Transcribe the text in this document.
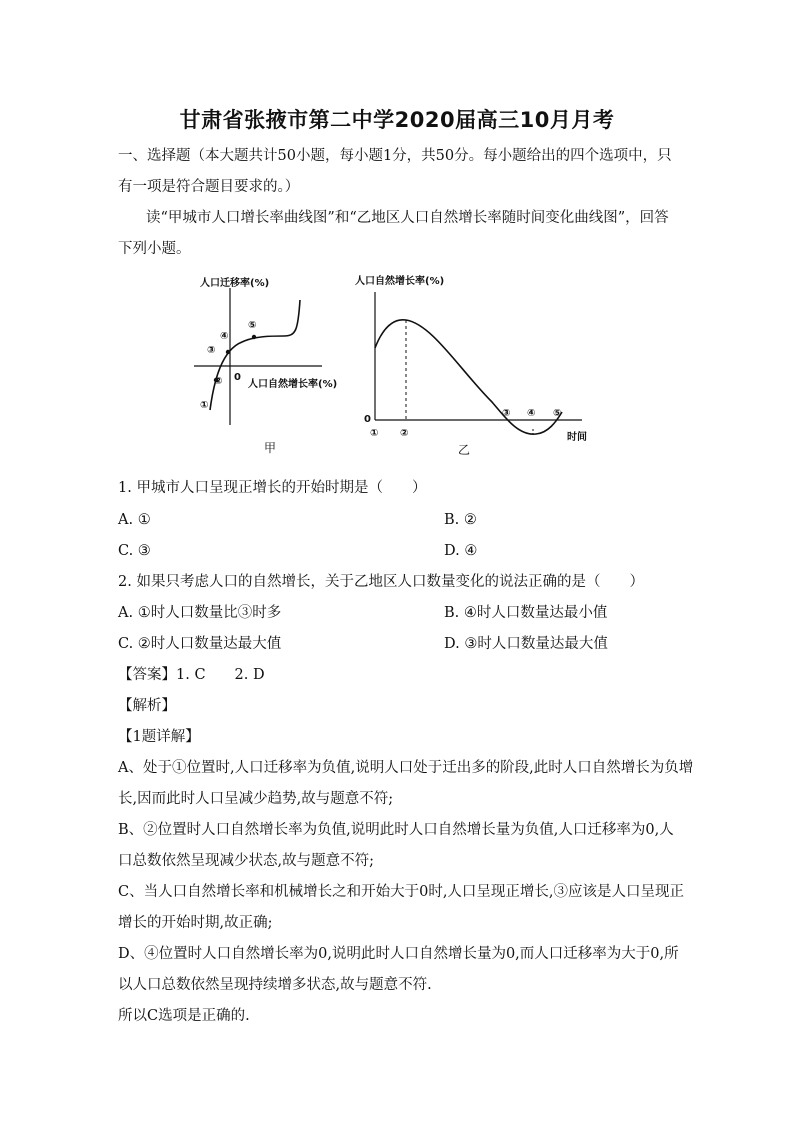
甘肃省张掖市第二中学2020届高三10月月考
一、选择题（本大题共计50小题，每小题1分，共50分。每小题给出的四个选项中，只
有一项是符合题目要求的。）
读“甲城市人口增长率曲线图”和“乙地区人口自然增长率随时间变化曲线图”，回答
下列小题。
人口迁移率(%)
人口自然增长率(%)
0
①
②
③
④
⑤
甲
人口自然增长率(%)
0
时间
① ②
③ ④ ⑤
乙
1. 甲城市人口呈现正增长的开始时期是（　　）
A. ①	B. ②
C. ③	D. ④
2. 如果只考虑人口的自然增长，关于乙地区人口数量变化的说法正确的是（　　）
A. ①时人口数量比③时多	B. ④时人口数量达最小值
C. ②时人口数量达最大值	D. ③时人口数量达最大值
【答案】1. C　　2. D
【解析】
【1题详解】
A、处于①位置时,人口迁移率为负值,说明人口处于迁出多的阶段,此时人口自然增长为负增
长,因而此时人口呈减少趋势,故与题意不符;
B、②位置时人口自然增长率为负值,说明此时人口自然增长量为负值,人口迁移率为0,人
口总数依然呈现减少状态,故与题意不符;
C、当人口自然增长率和机械增长之和开始大于0时,人口呈现正增长,③应该是人口呈现正
增长的开始时期,故正确;
D、④位置时人口自然增长率为0,说明此时人口自然增长量为0,而人口迁移率为大于0,所
以人口总数依然呈现持续增多状态,故与题意不符.
所以C选项是正确的.
